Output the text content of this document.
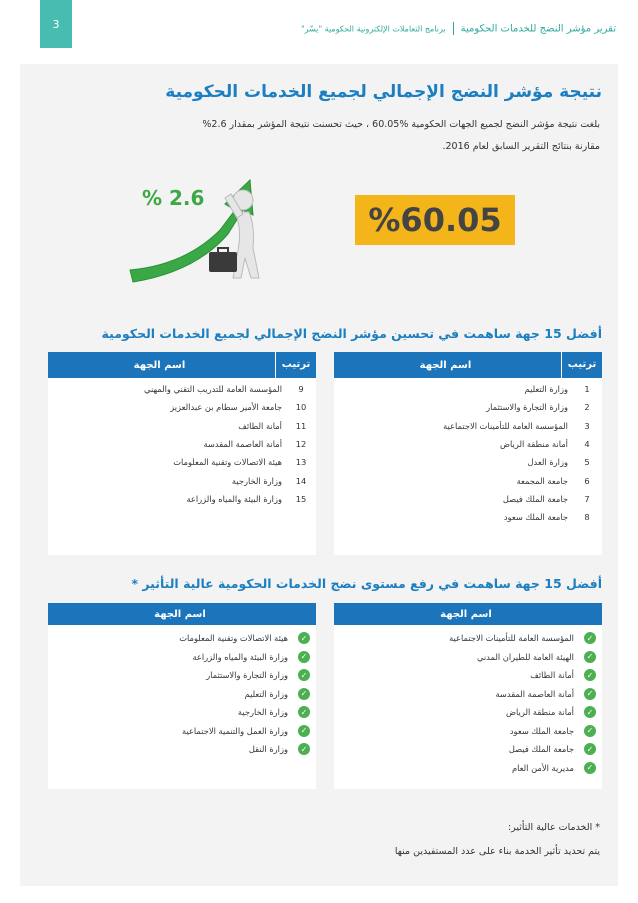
3	تقرير مؤشر النضج للخدمات الحكوميةبرنامج التعاملات الإلكترونية الحكومية "يسّر"
نتيجة مؤشر النضج الإجمالي لجميع الخدمات الحكومية
بلغت نتيجة مؤشر النضج لجميع الجهات الحكومية %60.05 ، حيث تحسنت نتيجة المؤشر بمقدار 2.6%
مقارنة بنتائج التقرير السابق لعام 2016.
%60.05
% 2.6
أفضل 15 جهة ساهمت في تحسين مؤشر النضج الإجمالي لجميع الخدمات الحكومية
ترتيب
اسم الجهة
1
وزارة التعليم
2
وزارة التجارة والاستثمار
3
المؤسسة العامة للتأمينات الاجتماعية
4
أمانة منطقة الرياض
5
وزارة العدل
6
جامعة المجمعة
7
جامعة الملك فيصل
8
جامعة الملك سعود
ترتيب
اسم الجهة
9
المؤسسة العامة للتدريب التقني والمهني
10
جامعة الأمير سطام بن عبدالعزيز
11
أمانة الطائف
12
أمانة العاصمة المقدسة
13
هيئة الاتصالات وتقنية المعلومات
14
وزارة الخارجية
15
وزارة البيئة والمياه والزراعة
أفضل 15 جهة ساهمت في رفع مستوى نضج الخدمات الحكومية عالية التأثير *
اسم الجهة
✓
المؤسسة العامة للتأمينات الاجتماعية
✓
الهيئة العامة للطيران المدني
✓
أمانة الطائف
✓
أمانة العاصمة المقدسة
✓
أمانة منطقة الرياض
✓
جامعة الملك سعود
✓
جامعة الملك فيصل
✓
مديرية الأمن العام
اسم الجهة
✓
هيئة الاتصالات وتقنية المعلومات
✓
وزارة البيئة والمياه والزراعة
✓
وزارة التجارة والاستثمار
✓
وزارة التعليم
✓
وزارة الخارجية
✓
وزارة العمل والتنمية الاجتماعية
✓
وزارة النقل
* الخدمات عالية التأثير:
يتم تحديد تأثير الخدمة بناء على عدد المستفيدين منها
